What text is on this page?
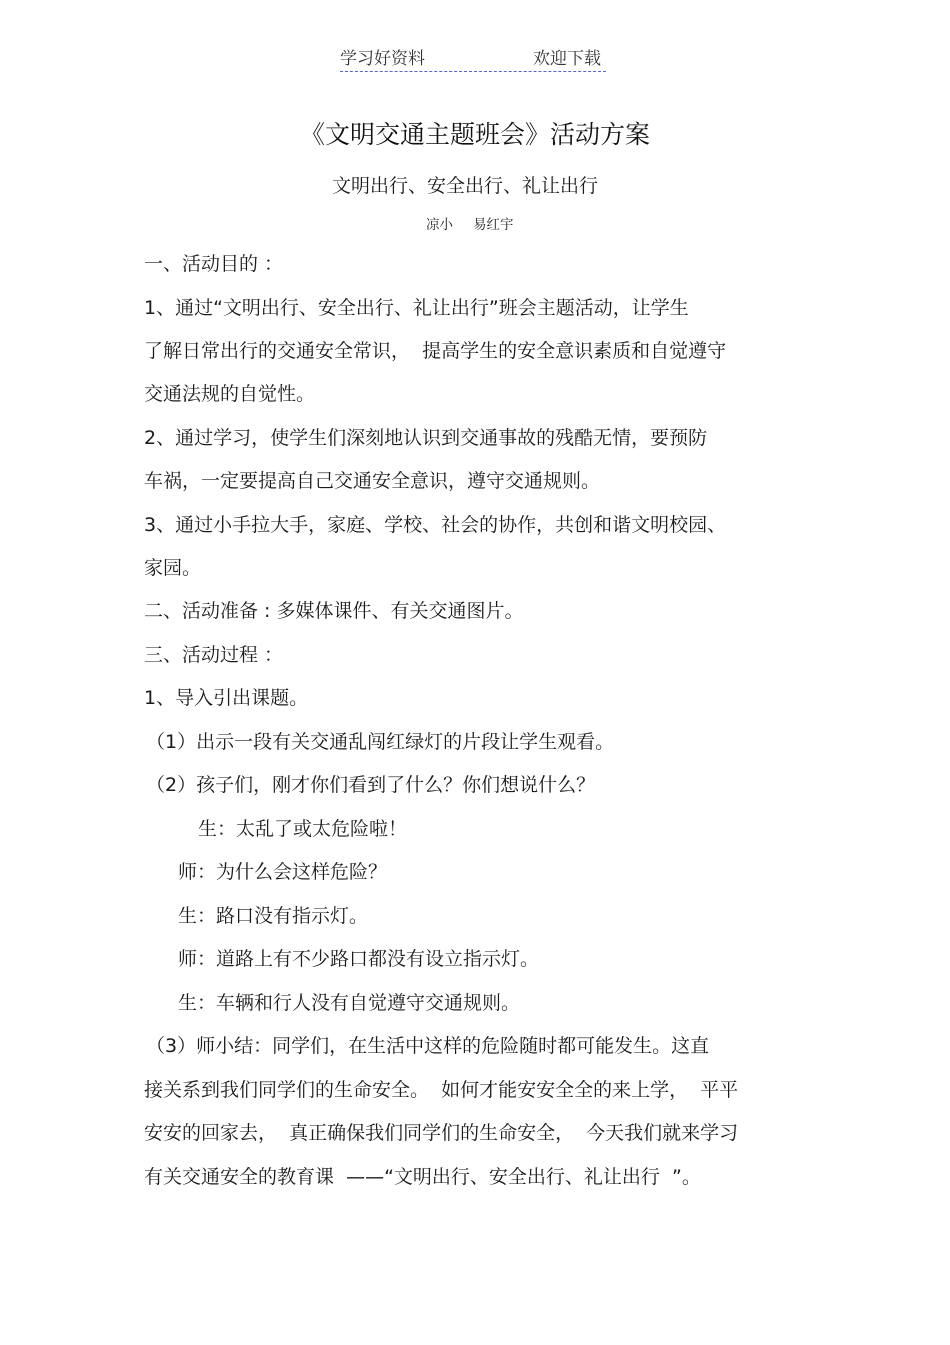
学习好资料	欢迎下载
《文明交通主题班会》活动方案
文明出行、安全出行、礼让出行
凉小 易红宇
一、活动目的 ：
1、通过“文明出行、安全出行、礼让出行”班会主题活动，让学生
了解日常出行的交通安全常识，  提高学生的安全意识素质和自觉遵守
交通法规的自觉性。
2、通过学习，使学生们深刻地认识到交通事故的残酷无情，要预防
车祸，一定要提高自己交通安全意识，遵守交通规则。
3、通过小手拉大手，家庭、学校、社会的协作，共创和谐文明校园、
家园。
二、活动准备 : 多媒体课件、有关交通图片。
三、活动过程 ：
1、导入引出课题。
（1）出示一段有关交通乱闯红绿灯的片段让学生观看。
（2）孩子们，刚才你们看到了什么？你们想说什么？
生：太乱了或太危险啦！
师：为什么会这样危险？
生：路口没有指示灯。
师：道路上有不少路口都没有设立指示灯。
生：车辆和行人没有自觉遵守交通规则。
（3）师小结：同学们，在生活中这样的危险随时都可能发生。这直
接关系到我们同学们的生命安全。  如何才能安安全全的来上学，  平平
安安的回家去，  真正确保我们同学们的生命安全，  今天我们就来学习
有关交通安全的教育课  ——“文明出行、安全出行、礼让出行  ”。
